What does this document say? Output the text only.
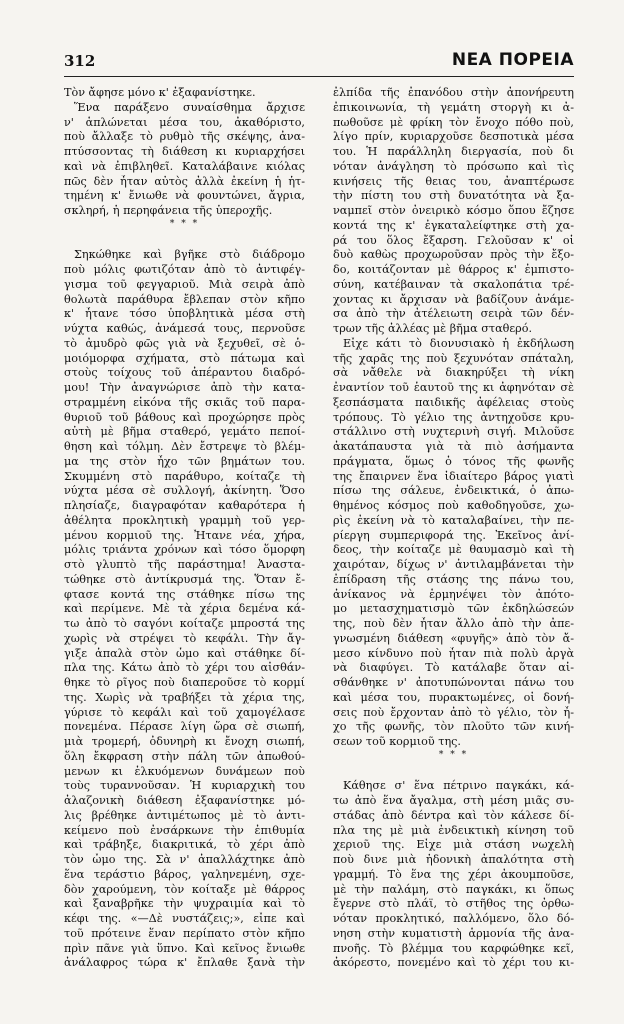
312	ΝΕΑ ΠΟΡΕΙΑ
Τὸν ἄφησε μόνο κ' ἐξαφανίστηκε.
Ἕνα παράξενο συναίσθημα ἄρχισε
ν' ἁπλώνεται μέσα του, ἀκαθόριστο,
ποὺ ἄλλαξε τὸ ρυθμὸ τῆς σκέψης, ἀνα-
πτύσσοντας τὴ διάθεση κι κυριαρχήσει
καὶ νὰ ἐπιβληθεῖ. Καταλάβαινε κιόλας
πῶς δὲν ἦταν αὐτὸς ἀλλὰ ἐκείνη ἡ ἡτ-
τημένη κ' ἔνιωθε νὰ φουντώνει, ἄγρια,
σκληρή, ἡ περηφάνεια τῆς ὑπεροχῆς.
* * *
Σηκώθηκε καὶ βγῆκε στὸ διάδρομο
ποὺ μόλις φωτιζόταν ἀπὸ τὸ ἀντιφέγ-
γισμα τοῦ φεγγαριοῦ. Μιὰ σειρὰ ἀπὸ
θολωτὰ παράθυρα ἔβλεπαν στὸν κῆπο
κ' ἦτανε τόσο ὑποβλητικὰ μέσα στὴ
νύχτα καθώς, ἀνάμεσά τους, περνοῦσε
τὸ ἀμυδρὸ φῶς γιὰ νὰ ξεχυθεῖ, σὲ ὁ-
μοιόμορφα σχήματα, στὸ πάτωμα καὶ
στοὺς τοίχους τοῦ ἀπέραντου διαδρό-
μου! Τὴν ἀναγνώρισε ἀπὸ τὴν κατα-
στραμμένη εἰκόνα τῆς σκιᾶς τοῦ παρα-
θυριοῦ τοῦ βάθους καὶ προχώρησε πρὸς
αὐτὴ μὲ βῆμα σταθερό, γεμάτο πεποί-
θηση καὶ τόλμη. Δὲν ἔστρεψε τὸ βλέμ-
μα της στὸν ἦχο τῶν βημάτων του.
Σκυμμένη στὸ παράθυρο, κοίταζε τὴ
νύχτα μέσα σὲ συλλογή, ἀκίνητη. Ὅσο
πλησίαζε, διαγραφόταν καθαρότερα ἡ
ἀθέλητα προκλητικὴ γραμμὴ τοῦ γερ-
μένου κορμιοῦ της. Ἦτανε νέα, χήρα,
μόλις τριάντα χρόνων καὶ τόσο ὅμορφη
στὸ γλυπτὸ τῆς παράστημα! Ἀναστα-
τώθηκε στὸ ἀντίκρυσμά της. Ὅταν ἔ-
φτασε κοντά της στάθηκε πίσω της
καὶ περίμενε. Μὲ τὰ χέρια δεμένα κά-
τω ἀπὸ τὸ σαγόνι κοίταζε μπροστά της
χωρὶς νὰ στρέψει τὸ κεφάλι. Τὴν ἄγ-
γιξε ἁπαλὰ στὸν ὦμο καὶ στάθηκε δί-
πλα της. Κάτω ἀπὸ τὸ χέρι του αἰσθάν-
θηκε τὸ ρῖγος ποὺ διαπεροῦσε τὸ κορμί
της. Χωρὶς νὰ τραβήξει τὰ χέρια της,
γύρισε τὸ κεφάλι καὶ τοῦ χαμογέλασε
πονεμένα. Πέρασε λίγη ὥρα σὲ σιωπή,
μιὰ τρομερή, ὀδυνηρὴ κι ἔνοχη σιωπή,
ὅλη ἔκφραση στὴν πάλη τῶν ἀπωθού-
μενων κι ἑλκυόμενων δυνάμεων ποὺ
τοὺς τυραννοῦσαν. Ἡ κυριαρχικὴ του
ἀλαζονικὴ διάθεση ἐξαφανίστηκε μό-
λις βρέθηκε ἀντιμέτωπος μὲ τὸ ἀντι-
κείμενο ποὺ ἐνσάρκωνε τὴν ἐπιθυμία
καὶ τράβηξε, διακριτικά, τὸ χέρι ἀπὸ
τὸν ὦμο της. Σὰ ν' ἀπαλλάχτηκε ἀπὸ
ἕνα τεράστιο βάρος, γαληνεμένη, σχε-
δὸν χαρούμενη, τὸν κοίταξε μὲ θάρρος
καὶ ξαναβρῆκε τὴν ψυχραιμία καὶ τὸ
κέφι της. «—Δὲ νυστάζεις;», εἶπε καὶ
τοῦ πρότεινε ἕναν περίπατο στὸν κῆπο
πρὶν πᾶνε γιὰ ὕπνο. Καὶ κεῖνος ἔνιωθε
ἀνάλαφρος τώρα κ' ἔπλαθε ξανὰ τὴν
ἐλπίδα τῆς ἐπανόδου στὴν ἀπονήρευτη
ἐπικοινωνία, τὴ γεμάτη στοργὴ κι ἀ-
πωθοῦσε μὲ φρίκη τὸν ἔνοχο πόθο ποὺ,
λίγο πρίν, κυριαρχοῦσε δεσποτικὰ μέσα
του. Ἡ παράλληλη διεργασία, ποὺ δι
νόταν ἀνάγληση τὸ πρόσωπο καὶ τὶς
κινήσεις τῆς θειας του, ἀναπτέρωσε
τὴν πίστη του στὴ δυνατότητα νὰ ξα-
ναμπεῖ στὸν ὀνειρικὸ κόσμο ὅπου ἔζησε
κοντά της κ' ἐγκαταλείφτηκε στὴ χα-
ρά του ὅλος ἔξαρση. Γελοῦσαν κ' οἱ
δυὸ καθὼς προχωροῦσαν πρὸς τὴν ἔξο-
δο, κοιτάζονταν μὲ θάρρος κ' ἐμπιστο-
σύνη, κατέβαιναν τὰ σκαλοπάτια τρέ-
χοντας κι ἄρχισαν νὰ βαδίζουν ἀνάμε-
σα ἀπὸ τὴν ἀτέλειωτη σειρὰ τῶν δέν-
τρων τῆς ἀλλέας μὲ βῆμα σταθερό.
Εἶχε κάτι τὸ διονυσιακὸ ἡ ἐκδήλωση
τῆς χαρᾶς της ποὺ ξεχυνόταν σπάταλη,
σὰ νἄθελε νὰ διακηρύξει τὴ νίκη
ἐναντίον τοῦ ἑαυτοῦ της κι ἀφηνόταν σὲ
ξεσπάσματα παιδικῆς ἀφέλειας στοὺς
τρόπους. Τὸ γέλιο της ἀντηχοῦσε κρυ-
στάλλινο στὴ νυχτερινὴ σιγή. Μιλοῦσε
ἀκατάπαυστα γιὰ τὰ πιὸ ἀσήμαντα
πράγματα, ὅμως ὁ τόνος τῆς φωνῆς
της ἔπαιρνεν ἕνα ἰδιαίτερο βάρος γιατὶ
πίσω της σάλευε, ἐνδεικτικά, ὁ ἀπω-
θημένος κόσμος ποὺ καθοδηγοῦσε, χω-
ρὶς ἐκείνη νὰ τὸ καταλαβαίνει, τὴν πε-
ρίεργη συμπεριφορά της. Ἐκεῖνος ἀνί-
δεος, τὴν κοίταζε μὲ θαυμασμὸ καὶ τὴ
χαιρόταν, δίχως ν' ἀντιλαμβάνεται τὴν
ἐπίδραση τῆς στάσης της πάνω του,
ἀνίκανος νὰ ἑρμηνέψει τὸν ἀπότο-
μο μετασχηματισμὸ τῶν ἐκδηλώσεών
της, ποὺ δὲν ἦταν ἄλλο ἀπὸ τὴν ἀπε-
γνωσμένη διάθεση «φυγῆς» ἀπὸ τὸν ἄ-
μεσο κίνδυνο ποὺ ἦταν πιὰ πολὺ ἀργὰ
νὰ διαφύγει. Τὸ κατάλαβε ὅταν αἰ-
σθάνθηκε ν' ἀποτυπώνονται πάνω του
καὶ μέσα του, πυρακτωμένες, οἱ δονή-
σεις ποὺ ἔρχονταν ἀπὸ τὸ γέλιο, τὸν ἦ-
χο τῆς φωνῆς, τὸν πλοῦτο τῶν κινή-
σεων τοῦ κορμιοῦ της.
* * *
Κάθησε σ' ἕνα πέτρινο παγκάκι, κά-
τω ἀπὸ ἕνα ἄγαλμα, στὴ μέση μιᾶς συ-
στάδας ἀπὸ δέντρα καὶ τὸν κάλεσε δί-
πλα της μὲ μιὰ ἐνδεικτικὴ κίνηση τοῦ
χεριοῦ της. Εἶχε μιὰ στάση νωχελὴ
ποὺ δινε μιὰ ἡδονικὴ ἀπαλότητα στὴ
γραμμή. Τὸ ἕνα της χέρι ἀκουμποῦσε,
μὲ τὴν παλάμη, στὸ παγκάκι, κι ὅπως
ἔγερνε στὸ πλάϊ, τὸ στῆθος της ὀρθω-
νόταν προκλητικό, παλλόμενο, ὅλο δό-
νηση στὴν κυματιστὴ ἁρμονία τῆς ἀνα-
πνοῆς. Τὸ βλέμμα του καρφώθηκε κεῖ,
ἀκόρεστο, πονεμένο καὶ τὸ χέρι του κι-
